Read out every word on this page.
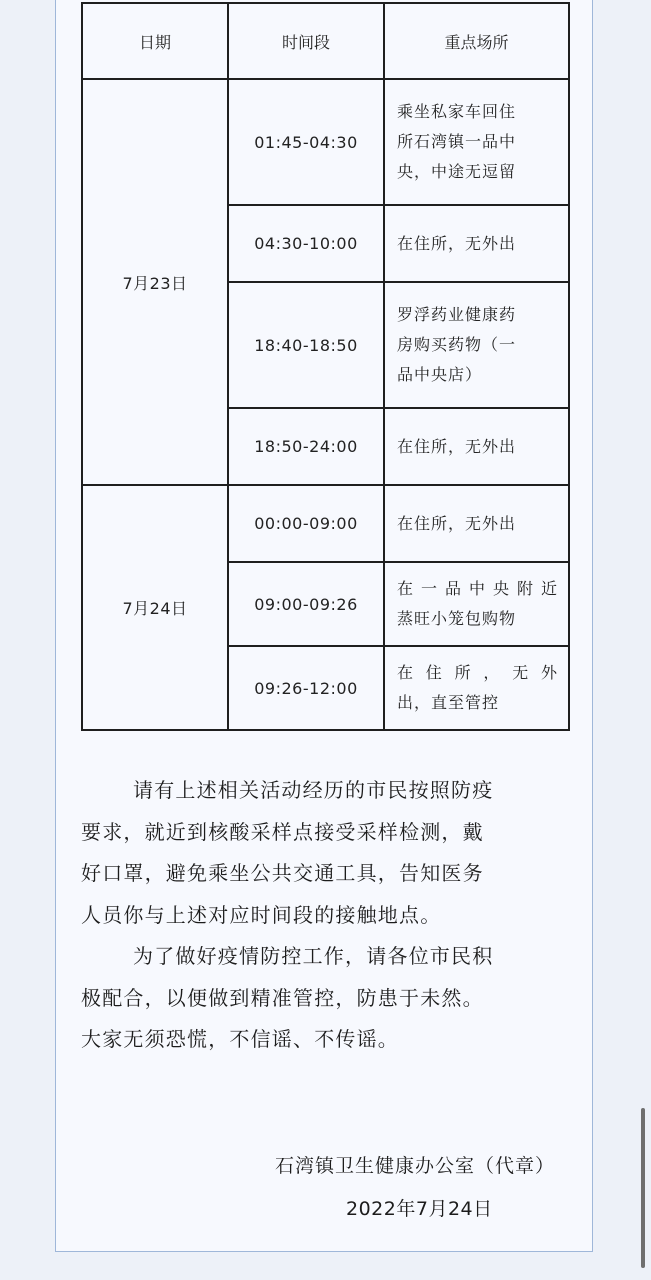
日期	时间段	重点场所
7月23日	01:45-04:30	乘坐私家车回住
所石湾镇一品中
央，中途无逗留

	04:30-10:00	在住所，无外出

	18:40-18:50	罗浮药业健康药
房购买药物（一
品中央店）

	18:50-24:00	在住所，无外出

7月24日	00:00-09:00	在住所，无外出

	09:00-09:26	在一品中央附近
蒸旺小笼包购物

	09:26-12:00	在住所，无外
出，直至管控

请有上述相关活动经历的市民按照防疫
要求，就近到核酸采样点接受采样检测，戴
好口罩，避免乘坐公共交通工具，告知医务
人员你与上述对应时间段的接触地点。

为了做好疫情防控工作，请各位市民积
极配合，以便做到精准管控，防患于未然。
大家无须恐慌，不信谣、不传谣。

石湾镇卫生健康办公室（代章）
2022年7月24日
